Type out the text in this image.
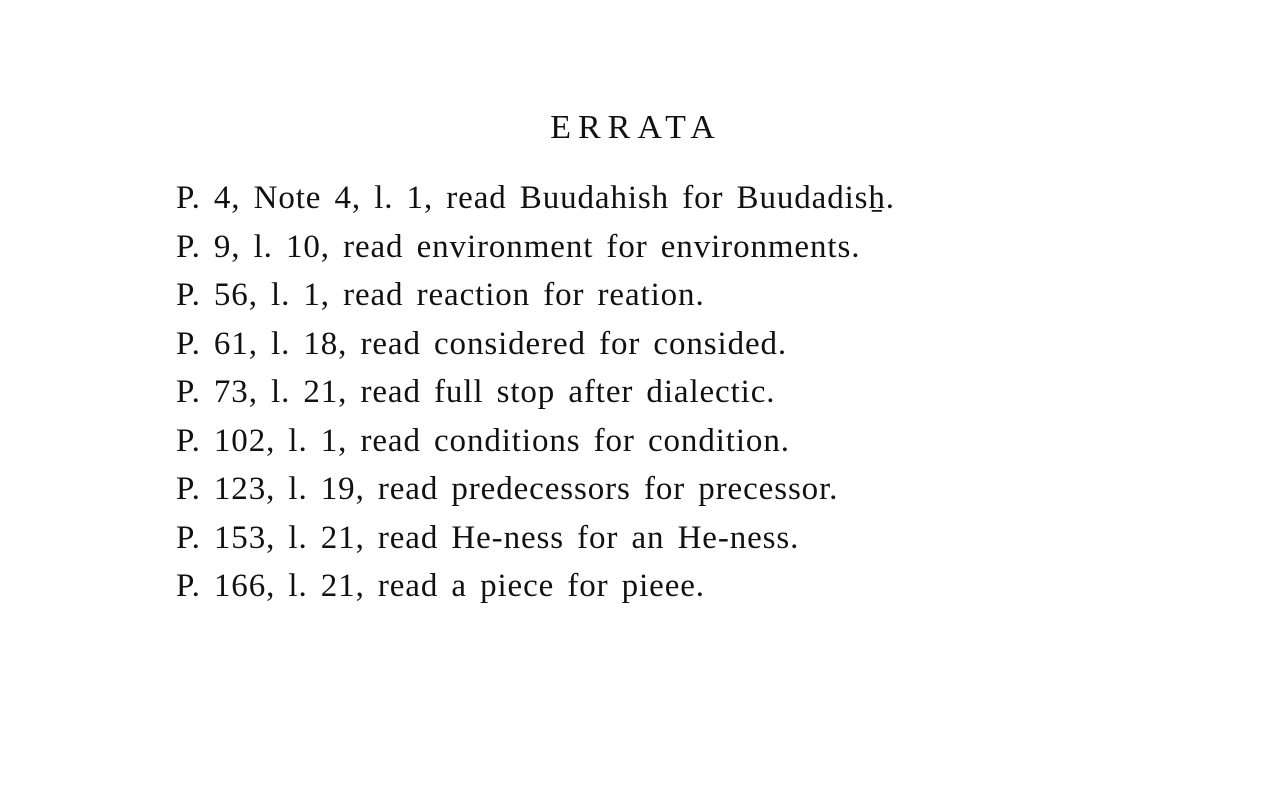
ERRATA
P. 4, Note 4, l. 1, read Buudahish for Buudadisẖ.
P. 9, l. 10, read environment for environments.
P. 56, l. 1, read reaction for reation.
P. 61, l. 18, read considered for consided.
P. 73, l. 21, read full stop after dialectic.
P. 102, l. 1, read conditions for condition.
P. 123, l. 19, read predecessors for precessor.
P. 153, l. 21, read He-ness for an He-ness.
P. 166, l. 21, read a piece for pieee.
